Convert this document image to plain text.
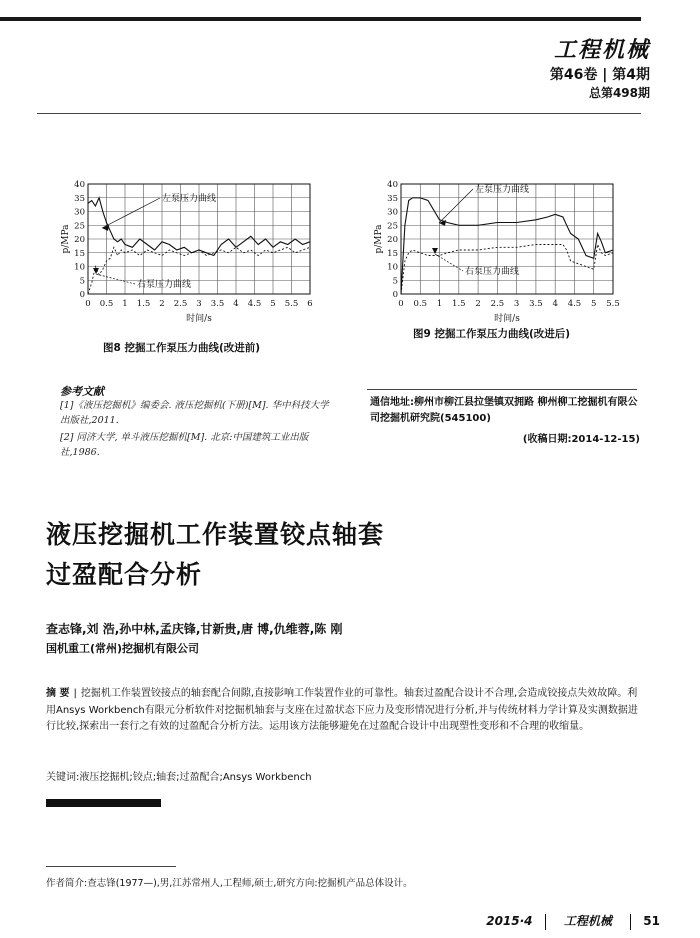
工程机械
第46卷 | 第4期
总第498期
0 0.5 1 1.5 2 2.5 3 3.5 4 4.5 5 5.5 6
0
5
10
15
20
25
30
35
40
p/MPa
时间/s
左泵压力曲线
右泵压力曲线
图8 挖掘工作泵压力曲线(改进前)
0 0.5 1 1.5 2 2.5 3 3.5 4 4.5 5 5.5
0
5
10
15
20
25
30
35
40
p/MPa
时间/s
左泵压力曲线
右泵压力曲线
图9 挖掘工作泵压力曲线(改进后)
参考文献
[1]《液压挖掘机》编委会. 液压挖掘机(下册)[M]. 华中科技大学出版社,2011.
[2] 同济大学, 单斗液压挖掘机[M]. 北京:中国建筑工业出版社,1986.
通信地址:柳州市柳江县拉堡镇双拥路 柳州柳工挖掘机有限公司挖掘机研究院(545100)
(收稿日期:2014-12-15)
液压挖掘机工作装置铰点轴套
过盈配合分析
查志锋,刘 浩,孙中林,孟庆锋,甘新贵,唐 博,仇维蓉,陈 刚
国机重工(常州)挖掘机有限公司
摘 要 | 挖掘机工作装置铰接点的轴套配合间隙,直接影响工作装置作业的可靠性。轴套过盈配合设计不合理,会造成铰接点失效故障。利用Ansys Workbench有限元分析软件对挖掘机轴套与支座在过盈状态下应力及变形情况进行分析,并与传统材料力学计算及实测数据进行比较,探索出一套行之有效的过盈配合分析方法。运用该方法能够避免在过盈配合设计中出现塑性变形和不合理的收缩量。
关键词:液压挖掘机;铰点;轴套;过盈配合;Ansys Workbench
作者简介:查志锋(1977—),男,江苏常州人,工程师,硕士,研究方向:挖掘机产品总体设计。
2015·4	工程机械	51
